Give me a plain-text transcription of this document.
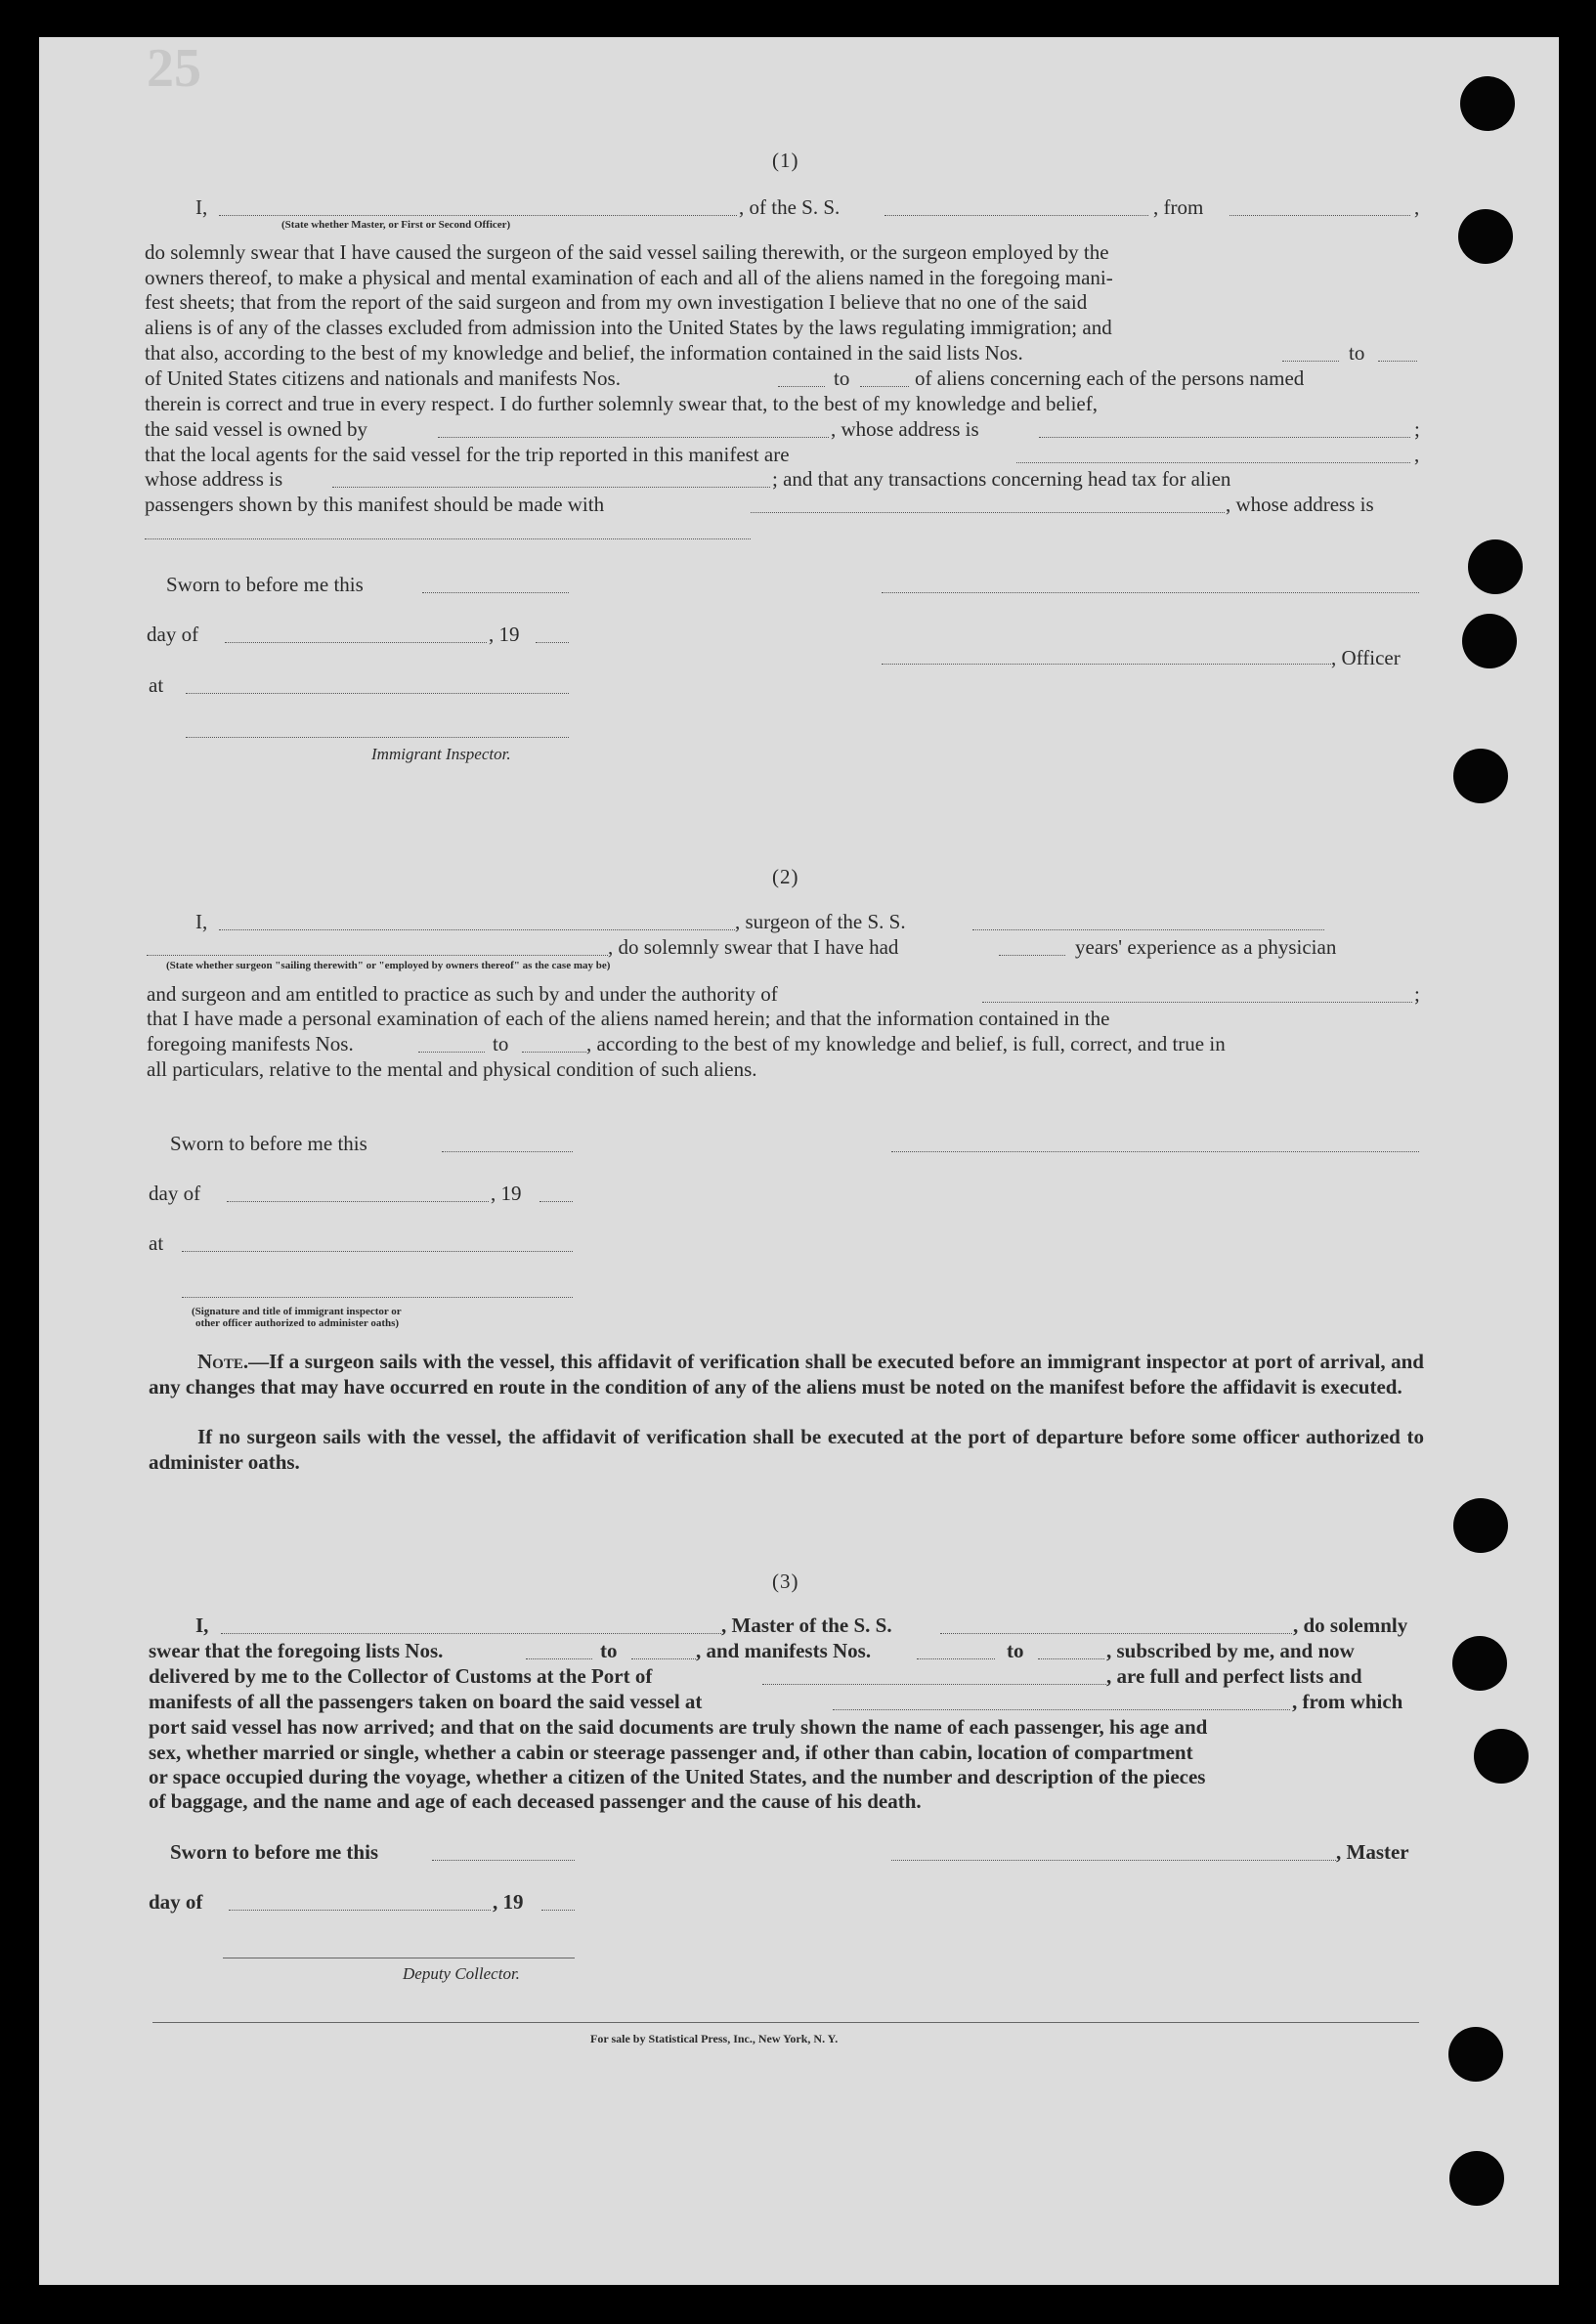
25
(1)
I,	, of the S. S.	, from	,
(State whether Master, or First or Second Officer)
do solemnly swear that I have caused the surgeon of the said vessel sailing therewith, or the surgeon employed by the
owners thereof, to make a physical and mental examination of each and all of the aliens named in the foregoing mani-
fest sheets; that from the report of the said surgeon and from my own investigation I believe that no one of the said
aliens is of any of the classes excluded from admission into the United States by the laws regulating immigration; and
that also, according to the best of my knowledge and belief, the information contained in the said lists Nos.	to
of United States citizens and nationals and manifests Nos.	to	of aliens concerning each of the persons named
therein is correct and true in every respect. I do further solemnly swear that, to the best of my knowledge and belief,
the said vessel is owned by	, whose address is	;
that the local agents for the said vessel for the trip reported in this manifest are	,
whose address is	; and that any transactions concerning head tax for alien
passengers shown by this manifest should be made with	, whose address is
Sworn to before me this
day of	, 19
, Officer
at
Immigrant Inspector.
(2)
I,	, surgeon of the S. S.
, do solemnly swear that I have had	years' experience as a physician
(State whether surgeon "sailing therewith" or "employed by owners thereof" as the case may be)
and surgeon and am entitled to practice as such by and under the authority of	;
that I have made a personal examination of each of the aliens named herein; and that the information contained in the
foregoing manifests Nos.	to	, according to the best of my knowledge and belief, is full, correct, and true in
all particulars, relative to the mental and physical condition of such aliens.
Sworn to before me this
day of	, 19
at
(Signature and title of immigrant inspector or
other officer authorized to administer oaths)
Note.—If a surgeon sails with the vessel, this affidavit of verification shall be executed before an immigrant inspector at port of arrival, and any changes that may have occurred en route in the condition of any of the aliens must be noted on the manifest before the affidavit is executed.
If no surgeon sails with the vessel, the affidavit of verification shall be executed at the port of departure before some officer authorized to administer oaths.
(3)
I,	, Master of the S. S.	, do solemnly
swear that the foregoing lists Nos.	to	, and manifests Nos.	to	, subscribed by me, and now
delivered by me to the Collector of Customs at the Port of	, are full and perfect lists and
manifests of all the passengers taken on board the said vessel at	, from which
port said vessel has now arrived; and that on the said documents are truly shown the name of each passenger, his age and
sex, whether married or single, whether a cabin or steerage passenger and, if other than cabin, location of compartment
or space occupied during the voyage, whether a citizen of the United States, and the number and description of the pieces
of baggage, and the name and age of each deceased passenger and the cause of his death.
Sworn to before me this	, Master
day of	, 19
Deputy Collector.
For sale by Statistical Press, Inc., New York, N. Y.
